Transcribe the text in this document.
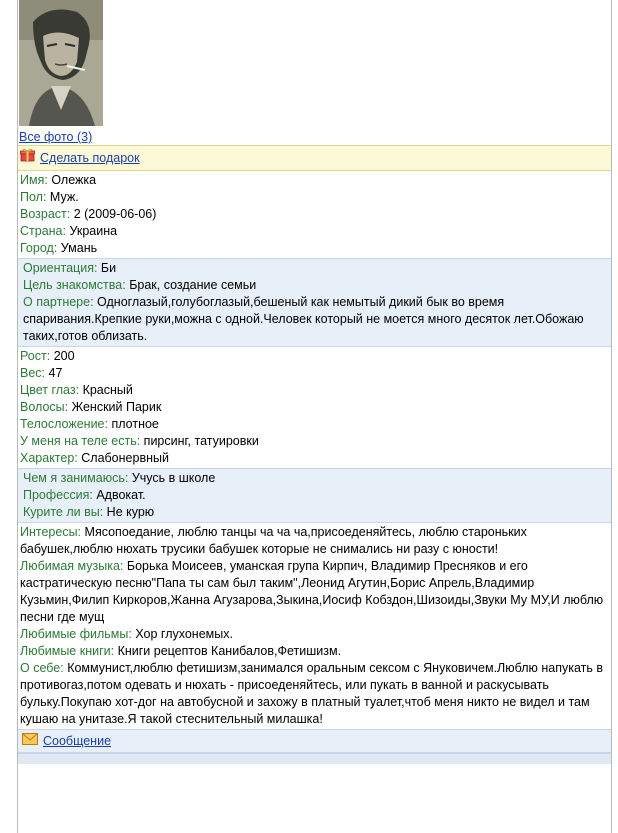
Все фото (3)
Сделать подарок
Имя: Олежка
Пол: Муж.
Возраст: 2 (2009-06-06)
Страна: Украина
Город: Умань
Ориентация: Би
Цель знакомства: Брак, создание семьи
О партнере: Одноглазый,голубоглазый,бешеный как немытый дикий бык во время спаривания.Крепкие руки,можна с одной.Человек который не моется много десяток лет.Обожаю таких,готов облизать.
Рост: 200
Вес: 47
Цвет глаз: Красный
Волосы: Женский Парик
Телосложение: плотное
У меня на теле есть: пирсинг, татуировки
Характер: Слабонервный
Чем я занимаюсь: Учусь в школе
Профессия: Адвокат.
Курите ли вы: Не курю
Интересы: Мясопоедание, люблю танцы ча ча ча,присоеденяйтесь, люблю староньких бабушек,люблю нюхать трусики бабушек которые не снимались ни разу с юности!
Любимая музыка: Борька Моисеев, уманская група Кирпич, Владимир Пресняков и его кастратическую песню"Папа ты сам был таким",Леонид Агутин,Борис Апрель,Владимир Кузьмин,Филип Киркоров,Жанна Агузарова,Зыкина,Иосиф Кобздон,Шизоиды,Звуки Му МУ,И люблю песни где мущ
Любимые фильмы: Хор глухонемых.
Любимые книги: Книги рецептов Канибалов,Фетишизм.
О себе: Коммунист,люблю фетишизм,занимался оральным сексом с Януковичем.Люблю напукать в противогаз,потом одевать и нюхать - присоеденяйтесь, или пукать в ванной и раскусывать бульку.Покупаю хот-дог на автобусной и захожу в платный туалет,чтоб меня никто не видел и там кушаю на унитазе.Я такой стеснительный милашка!
Сообщение
